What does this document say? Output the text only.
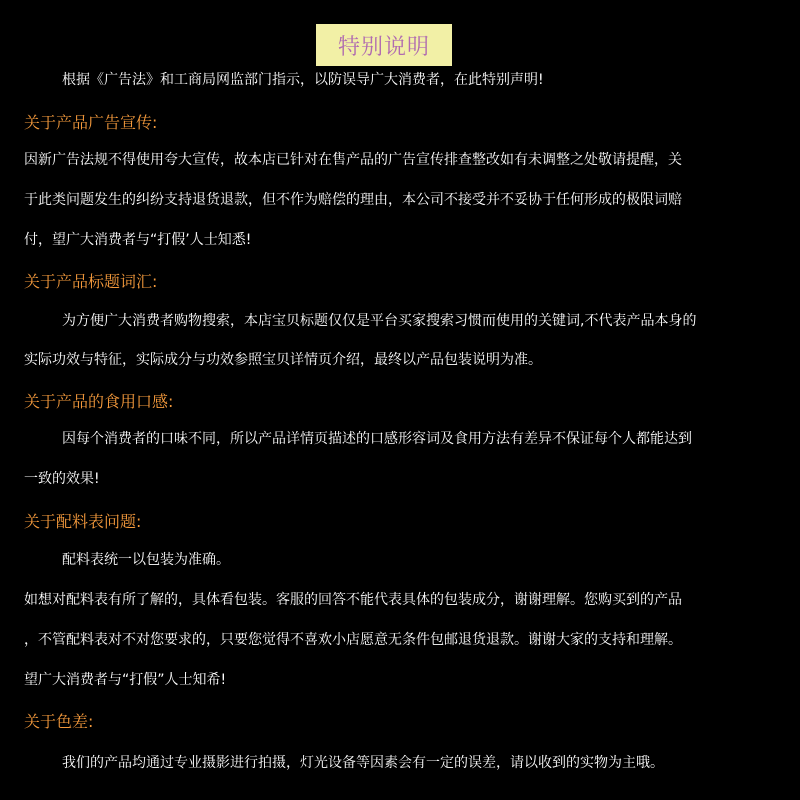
特别说明
根据《广告法》和工商局网监部门指示，以防误导广大消费者，在此特别声明!
关于产品广告宣传:
因新广告法规不得使用夸大宣传，故本店已针对在售产品的广告宣传排查整改如有未调整之处敬请提醒，关
于此类问题发生的纠纷支持退货退款，但不作为赔偿的理由，本公司不接受并不妥协于任何形成的极限词赔
付，望广大消费者与“打假’人士知悉!
关于产品标题词汇:
为方便广大消费者购物搜索，本店宝贝标题仅仅是平台买家搜索习惯而使用的关键词,不代表产品本身的
实际功效与特征，实际成分与功效参照宝贝详情页介绍，最终以产品包装说明为准。
关于产品的食用口感:
因每个消费者的口味不同，所以产品详情页描述的口感形容词及食用方法有差异不保证每个人都能达到
一致的效果!
关于配料表问题:
配料表统一以包装为准确。
如想对配料表有所了解的，具体看包装。客服的回答不能代表具体的包装成分，谢谢理解。您购买到的产品
，不管配料表对不对您要求的，只要您觉得不喜欢小店愿意无条件包邮退货退款。谢谢大家的支持和理解。
望广大消费者与“打假”人士知希!
关于色差:
我们的产品均通过专业摄影进行拍摄，灯光设备等因素会有一定的误差，请以收到的实物为主哦。
